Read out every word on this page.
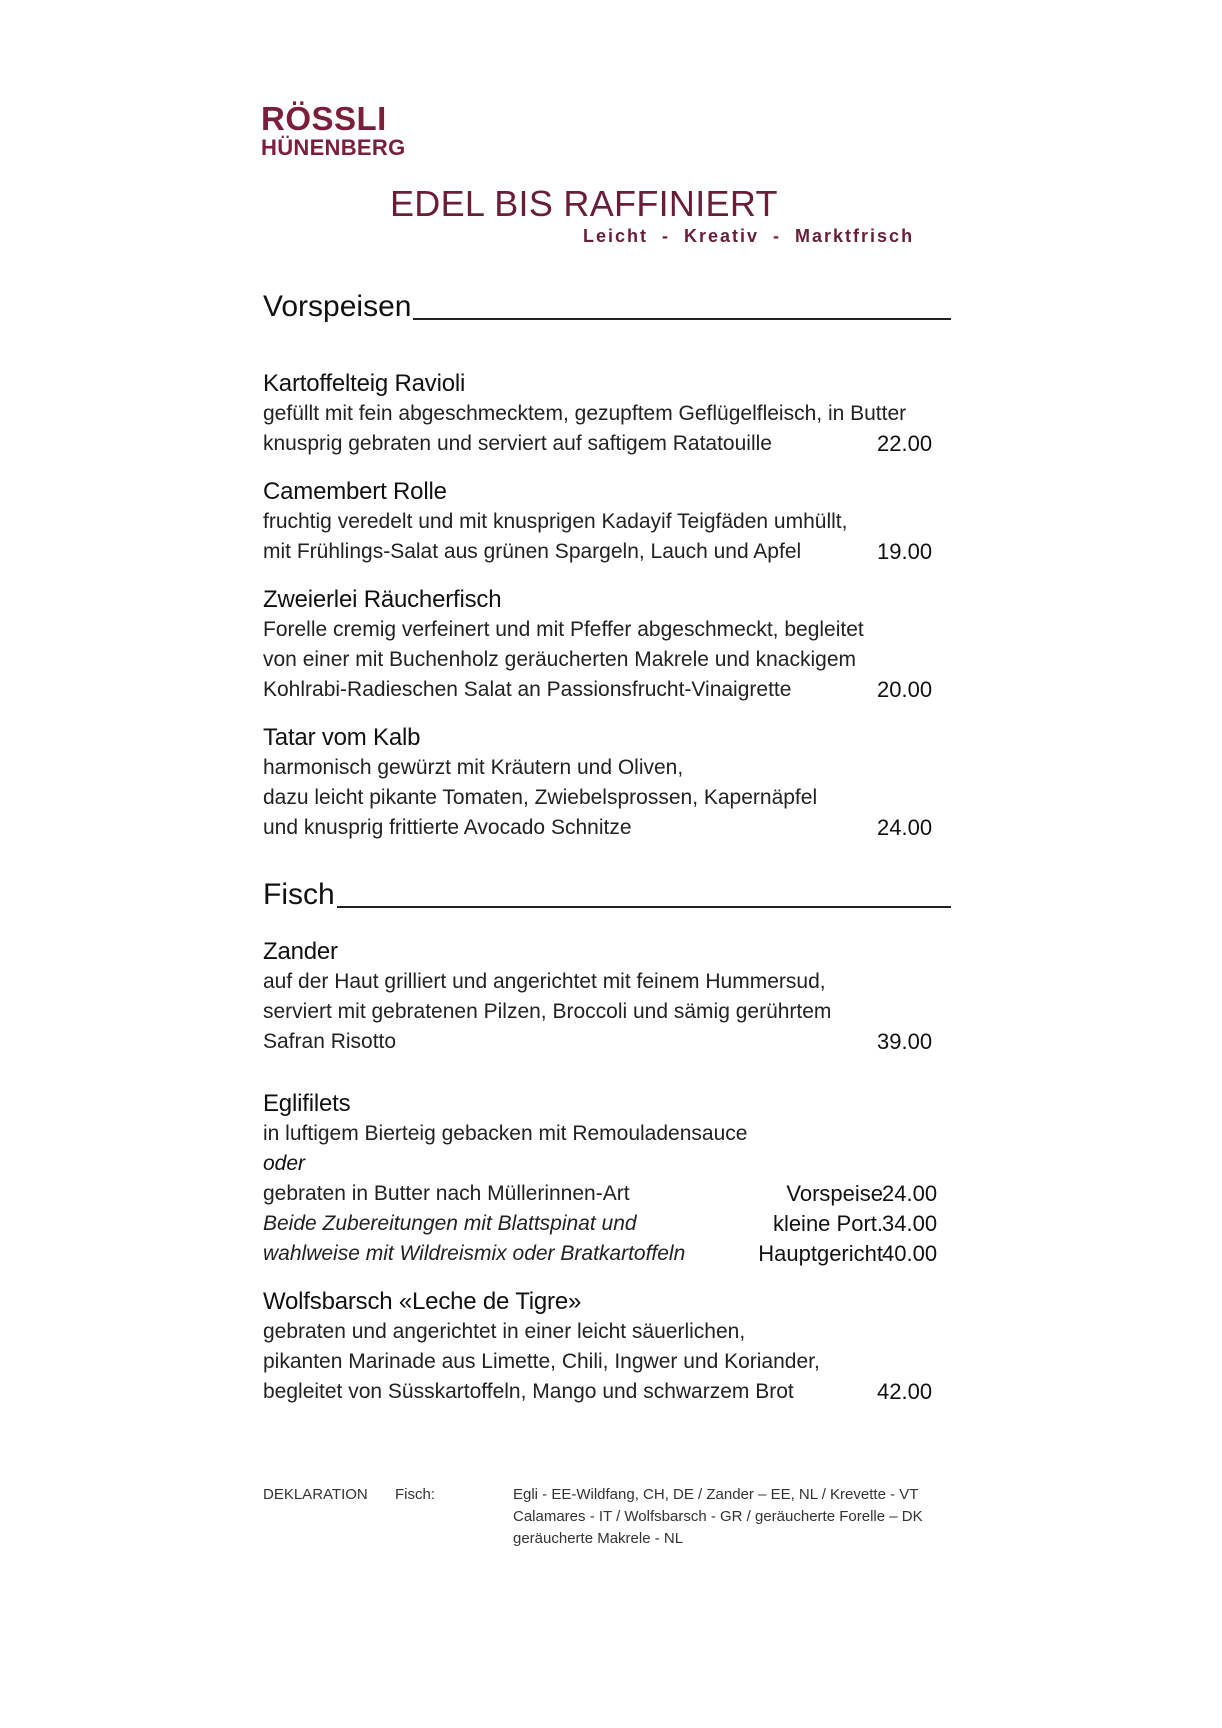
RÖSSLI
HÜNENBERG
EDEL BIS RAFFINIERT
Leicht  -  Kreativ  -  Marktfrisch
Vorspeisen
Kartoffelteig Ravioli
gefüllt mit fein abgeschmecktem, gezupftem Geflügelfleisch, in Butter
knusprig gebraten und serviert auf saftigem Ratatouille	22.00
Camembert Rolle
fruchtig veredelt und mit knusprigen Kadayif Teigfäden umhüllt,
mit Frühlings-Salat aus grünen Spargeln, Lauch und Apfel	19.00
Zweierlei Räucherfisch
Forelle cremig verfeinert und mit Pfeffer abgeschmeckt, begleitet
von einer mit Buchenholz geräucherten Makrele und knackigem
Kohlrabi-Radieschen Salat an Passionsfrucht-Vinaigrette	20.00
Tatar vom Kalb
harmonisch gewürzt mit Kräutern und Oliven,
dazu leicht pikante Tomaten, Zwiebelsprossen, Kapernäpfel
und knusprig frittierte Avocado Schnitze	24.00
Fisch
Zander
auf der Haut grilliert und angerichtet mit feinem Hummersud,
serviert mit gebratenen Pilzen, Broccoli und sämig gerührtem
Safran Risotto	39.00
Eglifilets
in luftigem Bierteig gebacken mit Remouladensauce
oder
gebraten in Butter nach Müllerinnen-Art	Vorspeise 24.00
Beide Zubereitungen mit Blattspinat und	kleine Port. 34.00
wahlweise mit Wildreismix oder Bratkartoffeln	Hauptgericht 40.00
Wolfsbarsch «Leche de Tigre»
gebraten und angerichtet in einer leicht säuerlichen,
pikanten Marinade aus Limette, Chili, Ingwer und Koriander,
begleitet von Süsskartoffeln, Mango und schwarzem Brot	42.00
DEKLARATION Fisch:	Egli - EE-Wildfang, CH, DE / Zander – EE, NL / Krevette - VT
Calamares - IT / Wolfsbarsch - GR / geräucherte Forelle – DK
geräucherte Makrele - NL
